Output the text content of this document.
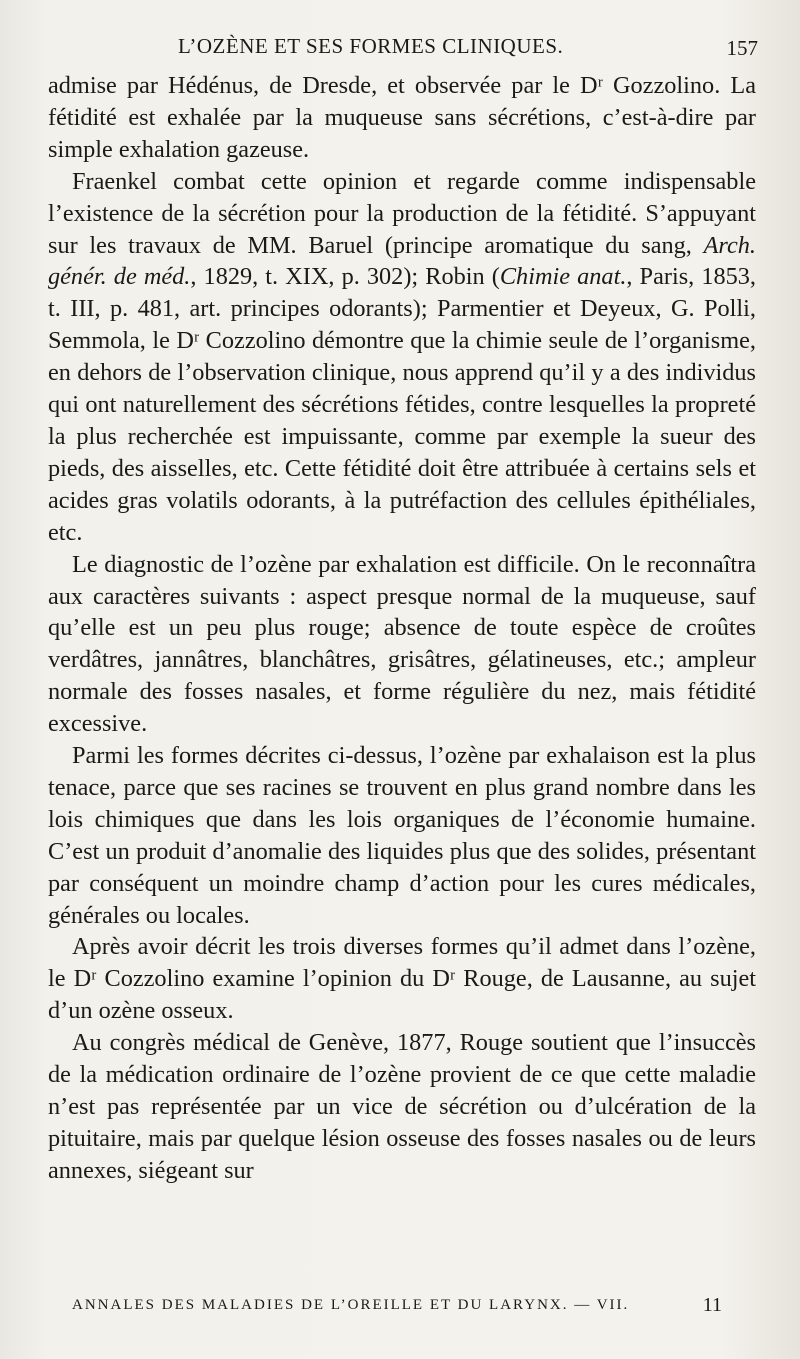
L’OZÈNE ET SES FORMES CLINIQUES.	157

admise par Hédénus, de Dresde, et observée par le Dʳ Gozzolino. La fétidité est exhalée par la muqueuse sans sécrétions, c’est-à-dire par simple exhalation gazeuse.

Fraenkel combat cette opinion et regarde comme indispensable l’existence de la sécrétion pour la production de la fétidité. S’appuyant sur les travaux de MM. Baruel (principe aromatique du sang, Arch. génér. de méd., 1829, t. XIX, p. 302); Robin (Chimie anat., Paris, 1853, t. III, p. 481, art. principes odorants); Parmentier et Deyeux, G. Polli, Semmola, le Dʳ Cozzolino démontre que la chimie seule de l’organisme, en dehors de l’observation clinique, nous apprend qu’il y a des individus qui ont naturellement des sécrétions fétides, contre lesquelles la propreté la plus recherchée est impuissante, comme par exemple la sueur des pieds, des aisselles, etc. Cette fétidité doit être attribuée à certains sels et acides gras volatils odorants, à la putréfaction des cellules épithéliales, etc.

Le diagnostic de l’ozène par exhalation est difficile. On le reconnaîtra aux caractères suivants : aspect presque normal de la muqueuse, sauf qu’elle est un peu plus rouge; absence de toute espèce de croûtes verdâtres, jannâtres, blanchâtres, grisâtres, gélatineuses, etc.; ampleur normale des fosses nasales, et forme régulière du nez, mais fétidité excessive.

Parmi les formes décrites ci-dessus, l’ozène par exhalaison est la plus tenace, parce que ses racines se trouvent en plus grand nombre dans les lois chimiques que dans les lois organiques de l’économie humaine. C’est un produit d’anomalie des liquides plus que des solides, présentant par conséquent un moindre champ d’action pour les cures médicales, générales ou locales.

Après avoir décrit les trois diverses formes qu’il admet dans l’ozène, le Dʳ Cozzolino examine l’opinion du Dʳ Rouge, de Lausanne, au sujet d’un ozène osseux.

Au congrès médical de Genève, 1877, Rouge soutient que l’insuccès de la médication ordinaire de l’ozène provient de ce que cette maladie n’est pas représentée par un vice de sécrétion ou d’ulcération de la pituitaire, mais par quelque lésion osseuse des fosses nasales ou de leurs annexes, siégeant sur

ANNALES DES MALADIES DE L’OREILLE ET DU LARYNX. — VII.	11
